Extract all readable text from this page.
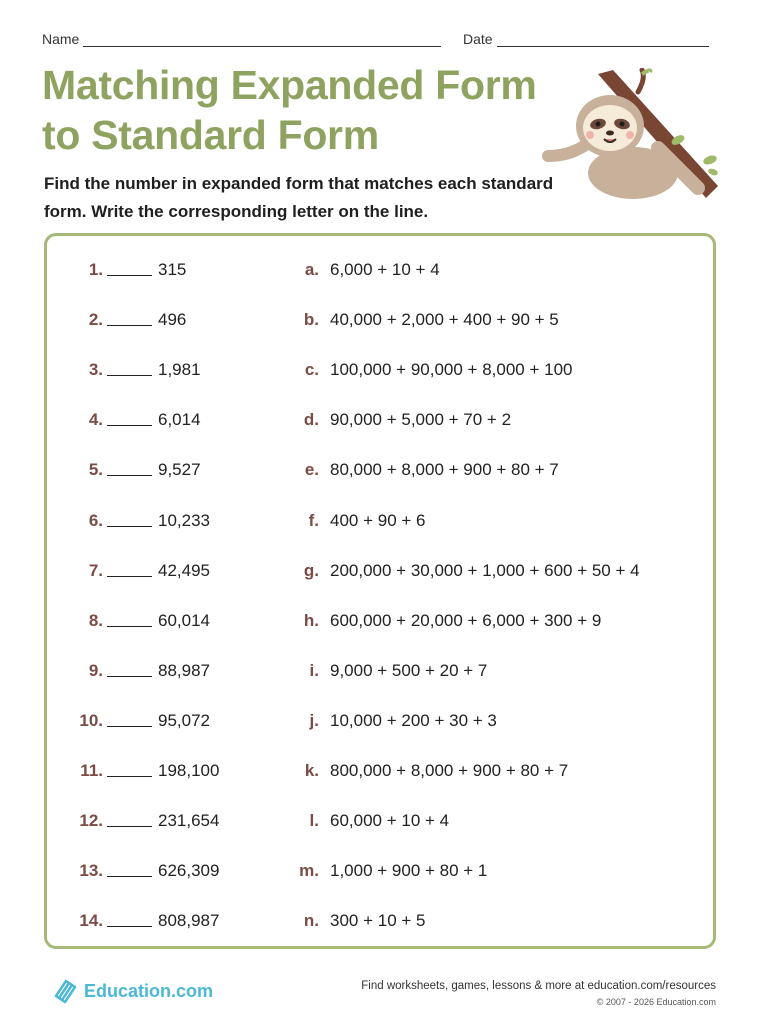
Name	Date
Matching Expanded Form to Standard Form

Find the number in expanded form that matches each standard form. Write the corresponding letter on the line.

1.	315	a. 6,000 + 10 + 4
2.	496	b. 40,000 + 2,000 + 400 + 90 + 5
3.	1,981	c. 100,000 + 90,000 + 8,000 + 100
4.	6,014	d. 90,000 + 5,000 + 70 + 2
5.	9,527	e. 80,000 + 8,000 + 900 + 80 + 7
6.	10,233	f. 400 + 90 + 6
7.	42,495	g. 200,000 + 30,000 + 1,000 + 600 + 50 + 4
8.	60,014	h. 600,000 + 20,000 + 6,000 + 300 + 9
9.	88,987	i. 9,000 + 500 + 20 + 7
10.	95,072	j. 10,000 + 200 + 30 + 3
11.	198,100	k. 800,000 + 8,000 + 900 + 80 + 7
12.	231,654	l. 60,000 + 10 + 4
13.	626,309	m. 1,000 + 900 + 80 + 1
14.	808,987	n. 300 + 10 + 5
Education.com	Find worksheets, games, lessons & more at education.com/resources
© 2007 - 2026 Education.com
